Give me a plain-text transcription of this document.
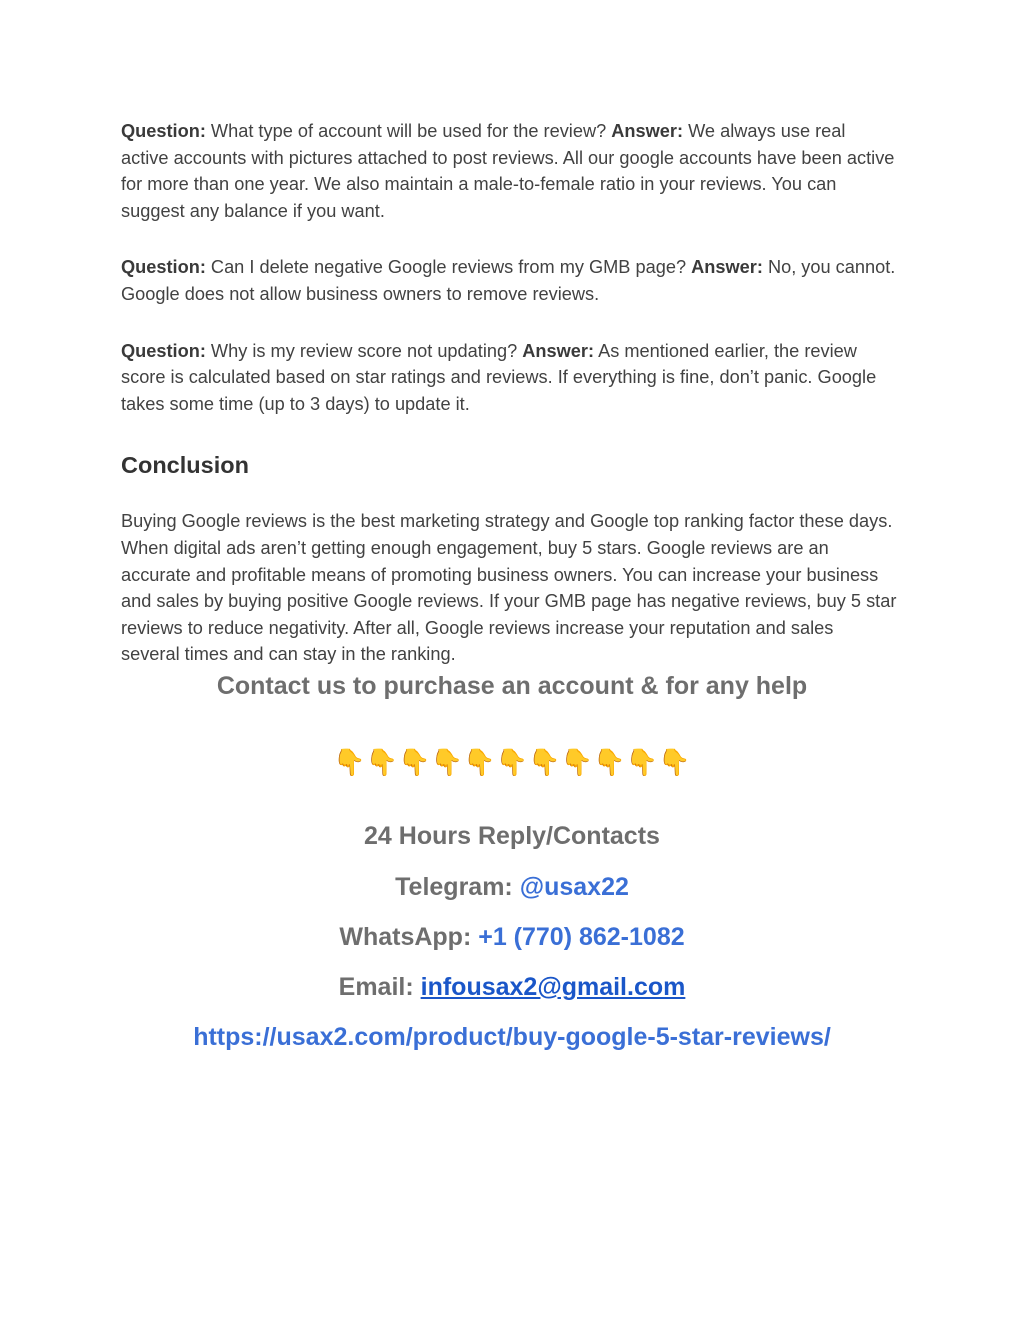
Question: What type of account will be used for the review? Answer: We always use real active accounts with pictures attached to post reviews. All our google accounts have been active for more than one year. We also maintain a male-to-female ratio in your reviews. You can suggest any balance if you want.

Question: Can I delete negative Google reviews from my GMB page? Answer: No, you cannot. Google does not allow business owners to remove reviews.

Question: Why is my review score not updating? Answer: As mentioned earlier, the review score is calculated based on star ratings and reviews. If everything is fine, don’t panic. Google takes some time (up to 3 days) to update it.

Conclusion

Buying Google reviews is the best marketing strategy and Google top ranking factor these days. When digital ads aren’t getting enough engagement, buy 5 stars. Google reviews are an accurate and profitable means of promoting business owners. You can increase your business and sales by buying positive Google reviews. If your GMB page has negative reviews, buy 5 star reviews to reduce negativity. After all, Google reviews increase your reputation and sales several times and can stay in the ranking.

Contact us to purchase an account & for any help
👇👇👇👇👇👇👇👇👇👇👇
24 Hours Reply/Contacts
Telegram: @usax22
WhatsApp: +1 (770) 862-1082
Email: infousax2@gmail.com
https://usax2.com/product/buy-google-5-star-reviews/
